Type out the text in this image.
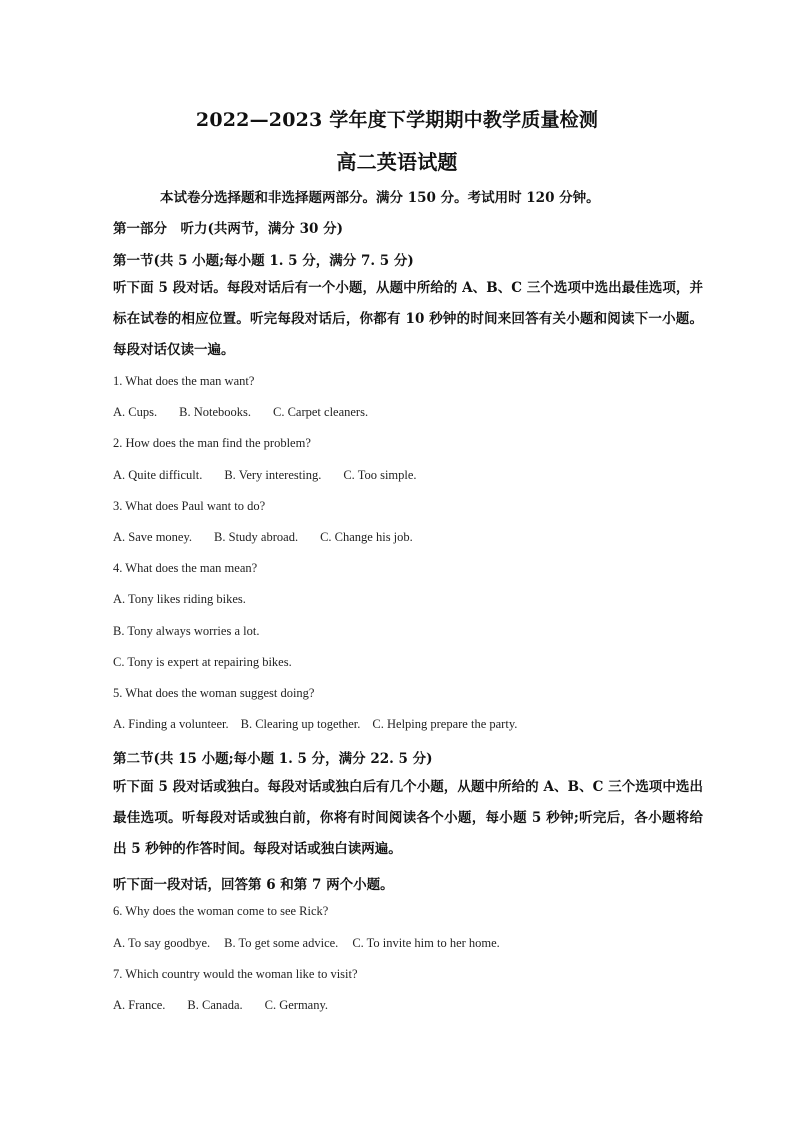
2022—2023 学年度下学期期中教学质量检测
高二英语试题
本试卷分选择题和非选择题两部分。满分 150 分。考试用时 120 分钟。
第一部分　听力(共两节，满分 30 分)
第一节(共 5 小题;每小题 1. 5 分，满分 7. 5 分)
听下面 5 段对话。每段对话后有一个小题，从题中所给的 A、B、C 三个选项中选出最佳选项，并标在试卷的相应位置。听完每段对话后，你都有 10 秒钟的时间来回答有关小题和阅读下一小题。每段对话仅读一遍。
1. What does the man want?
A. Cups. B. Notebooks. C. Carpet cleaners.
2. How does the man find the problem?
A. Quite difficult. B. Very interesting. C. Too simple.
3. What does Paul want to do?
A. Save money. B. Study abroad. C. Change his job.
4. What does the man mean?
A. Tony likes riding bikes.
B. Tony always worries a lot.
C. Tony is expert at repairing bikes.
5. What does the woman suggest doing?
A. Finding a volunteer. B. Clearing up together. C. Helping prepare the party.
第二节(共 15 小题;每小题 1. 5 分，满分 22. 5 分)
听下面 5 段对话或独白。每段对话或独白后有几个小题，从题中所给的 A、B、C 三个选项中选出最佳选项。听每段对话或独白前，你将有时间阅读各个小题，每小题 5 秒钟;听完后，各小题将给出 5 秒钟的作答时间。每段对话或独白读两遍。
听下面一段对话，回答第 6 和第 7 两个小题。
6. Why does the woman come to see Rick?
A. To say goodbye. B. To get some advice. C. To invite him to her home.
7. Which country would the woman like to visit?
A. France. B. Canada. C. Germany.
